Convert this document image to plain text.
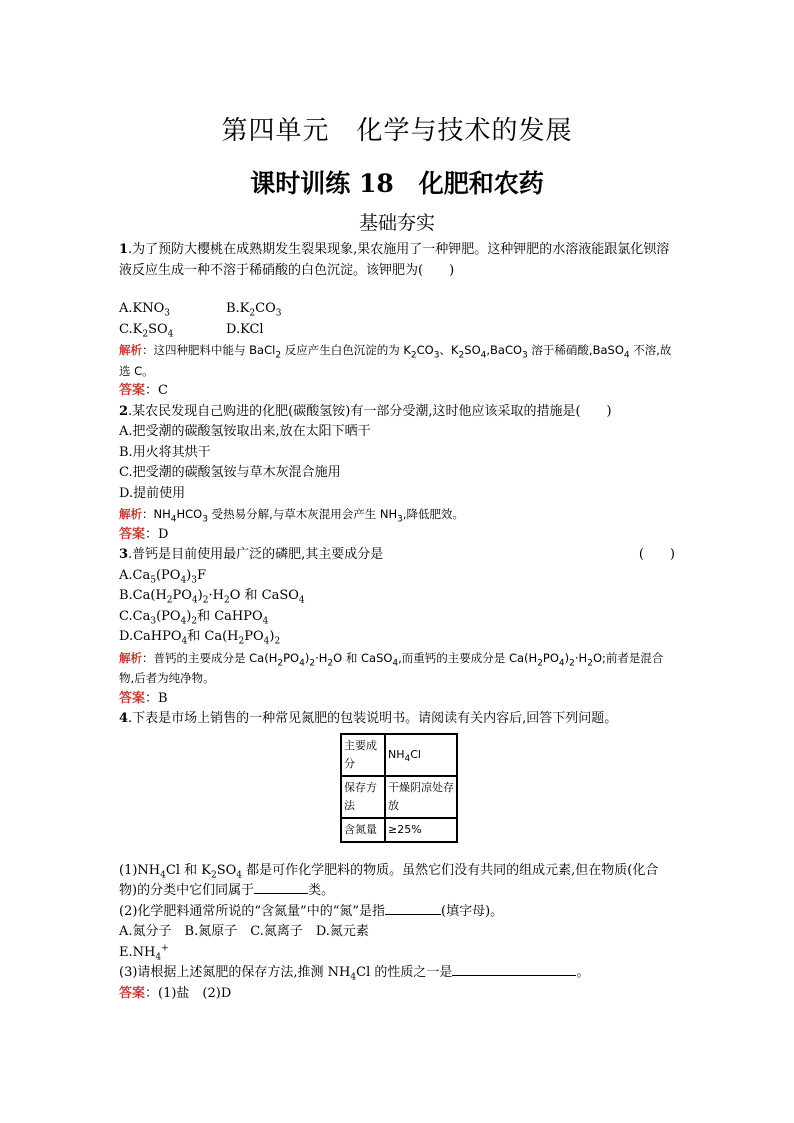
第四单元　化学与技术的发展
课时训练 18　化肥和农药
基础夯实
1.为了预防大樱桃在成熟期发生裂果现象,果农施用了一种钾肥。这种钾肥的水溶液能跟氯化钡溶液反应生成一种不溶于稀硝酸的白色沉淀。该钾肥为(　　)
$A.KNO_3$	$B.K_2CO_3$
$C.K_2SO_4$	D.KCl
解析：这四种肥料中能与 BaCl$_2$ 反应产生白色沉淀的为 $K_2CO_3$、$K_2SO_4,BaCO_3$ 溶于稀硝酸,BaSO$_4$ 不溶,故选 C。
答案：C
2.某农民发现自己购进的化肥(碳酸氢铵)有一部分受潮,这时他应该采取的措施是(　　)
A.把受潮的碳酸氢铵取出来,放在太阳下晒干
B.用火将其烘干
C.把受潮的碳酸氢铵与草木灰混合施用
D.提前使用
解析：$NH_4HCO_3$ 受热易分解,与草木灰混用会产生 $NH_3$,降低肥效。
答案：D
3.普钙是目前使用最广泛的磷肥,其主要成分是	(　　)
$A.Ca_5(PO_4)_3F$
$B.Ca(H_2PO_4)_2\cdot H_2O$ 和 CaSO$_4$
$C.Ca_3(PO_4)_2$和 CaHPO$_4$
D.CaHPO$_4$和 $Ca(H_2PO_4)_2$
解析：普钙的主要成分是 $Ca(H_2PO_4)_2\cdot H_2O$ 和 CaSO$_4$,而重钙的主要成分是 $Ca(H_2PO_4)_2\cdot H_2O$;前者是混合物,后者为纯净物。
答案：B
4.下表是市场上销售的一种常见氮肥的包装说明书。请阅读有关内容后,回答下列问题。
主要成分	$NH_4Cl$
保存方法	干燥阴凉处存放
含氮量	≥25%
$(1)NH_4Cl$ 和 $K_2SO_4$ 都是可作化学肥料的物质。虽然它们没有共同的组成元素,但在物质(化合物)的分类中它们同属于	类。
(2)化学肥料通常所说的“含氮量”中的“氮”是指	(填字母)。
A.氮分子　B.氮原子　C.氮离子　D.氮元素
$E.NH_4^+$
(3)请根据上述氮肥的保存方法,推测 $NH_4Cl$ 的性质之一是	。
答案：(1)盐　(2)D
